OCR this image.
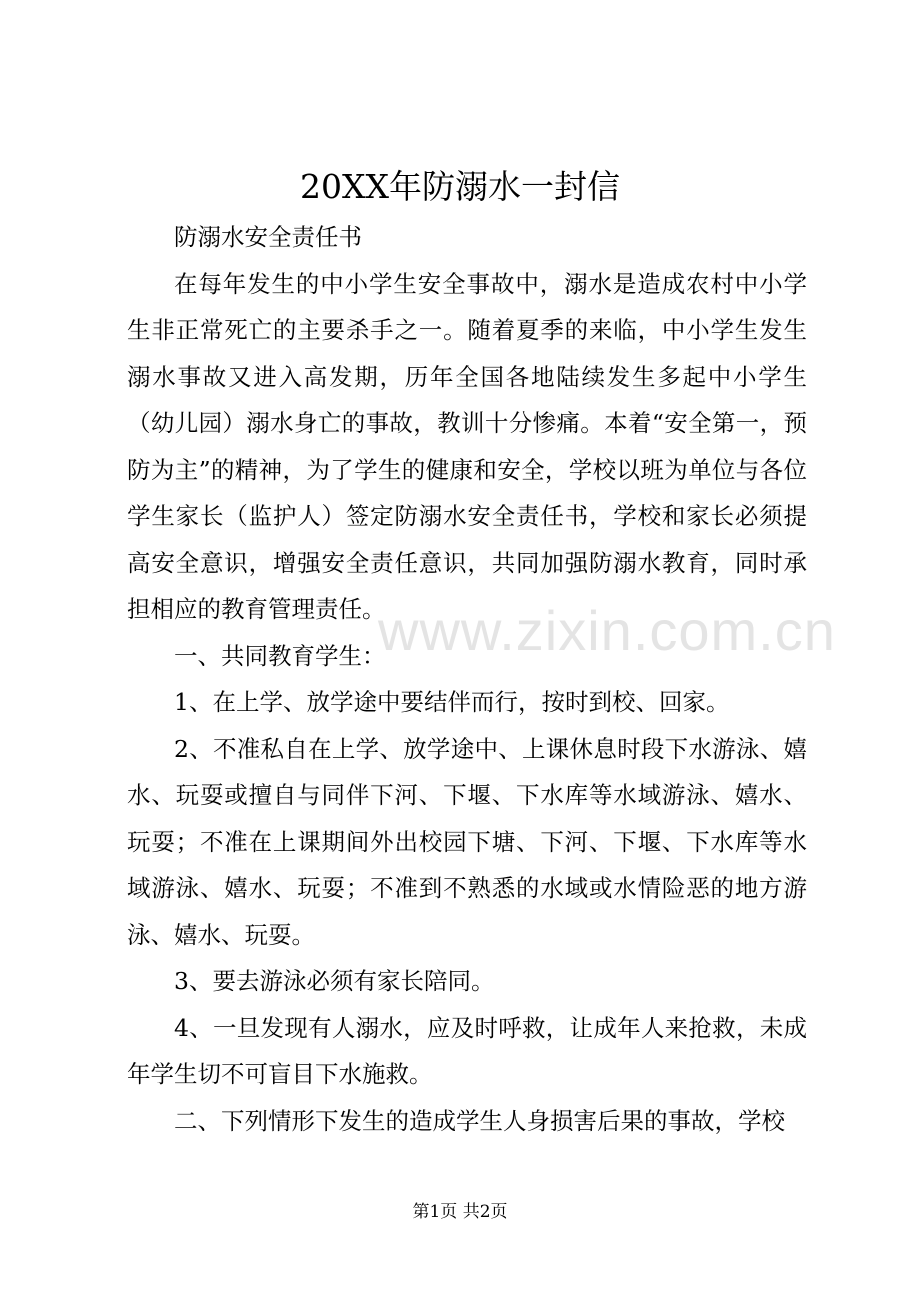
20XX年防溺水一封信

防溺水安全责任书

在每年发生的中小学生安全事故中，溺水是造成农村中小学生非正常死亡的主要杀手之一。随着夏季的来临，中小学生发生溺水事故又进入高发期，历年全国各地陆续发生多起中小学生（幼儿园）溺水身亡的事故，教训十分惨痛。本着“安全第一，预防为主”的精神，为了学生的健康和安全，学校以班为单位与各位学生家长（监护人）签定防溺水安全责任书，学校和家长必须提高安全意识，增强安全责任意识，共同加强防溺水教育，同时承担相应的教育管理责任。

一、共同教育学生：

1、在上学、放学途中要结伴而行，按时到校、回家。

2、不准私自在上学、放学途中、上课休息时段下水游泳、嬉水、玩耍或擅自与同伴下河、下堰、下水库等水域游泳、嬉水、玩耍；不准在上课期间外出校园下塘、下河、下堰、下水库等水域游泳、嬉水、玩耍；不准到不熟悉的水域或水情险恶的地方游泳、嬉水、玩耍。

3、要去游泳必须有家长陪同。

4、一旦发现有人溺水，应及时呼救，让成年人来抢救，未成年学生切不可盲目下水施救。

二、下列情形下发生的造成学生人身损害后果的事故，学校

www.zixin.com.cn
第1页 共2页
